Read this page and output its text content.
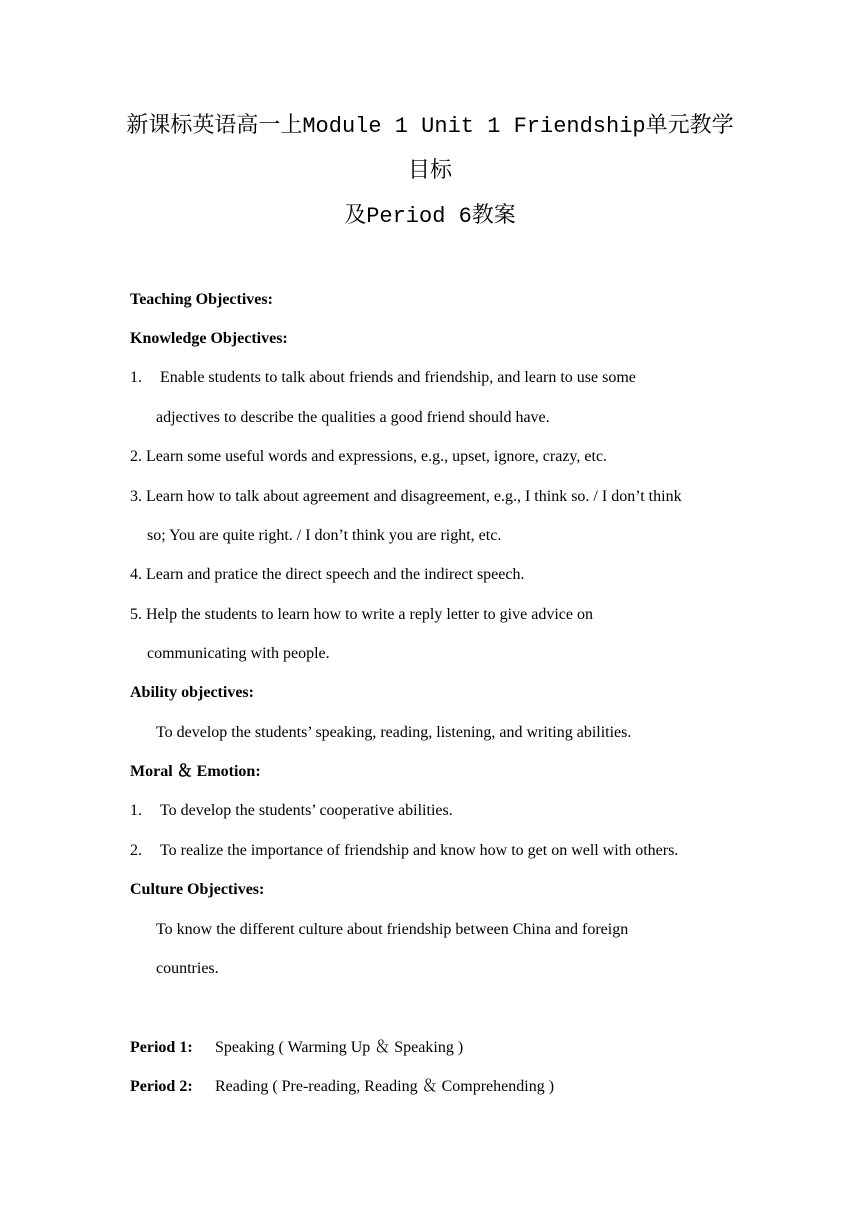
新课标英语高一上Module 1 Unit 1 Friendship单元教学
目标
及Period 6教案
Teaching Objectives:
Knowledge Objectives:
1. Enable students to talk about friends and friendship, and learn to use some
adjectives to describe the qualities a good friend should have.
2. Learn some useful words and expressions, e.g., upset, ignore, crazy, etc.
3. Learn how to talk about agreement and disagreement, e.g., I think so. / I don’t think
so; You are quite right. / I don’t think you are right, etc.
4. Learn and pratice the direct speech and the indirect speech.
5. Help the students to learn how to write a reply letter to give advice on
communicating with people.
Ability objectives:
To develop the students’ speaking, reading, listening, and writing abilities.
Moral ＆ Emotion:
1. To develop the students’ cooperative abilities.
2. To realize the importance of friendship and know how to get on well with others.
Culture Objectives:
To know the different culture about friendship between China and foreign
countries.
Period 1: Speaking ( Warming Up ＆ Speaking )
Period 2: Reading ( Pre-reading, Reading ＆ Comprehending )
